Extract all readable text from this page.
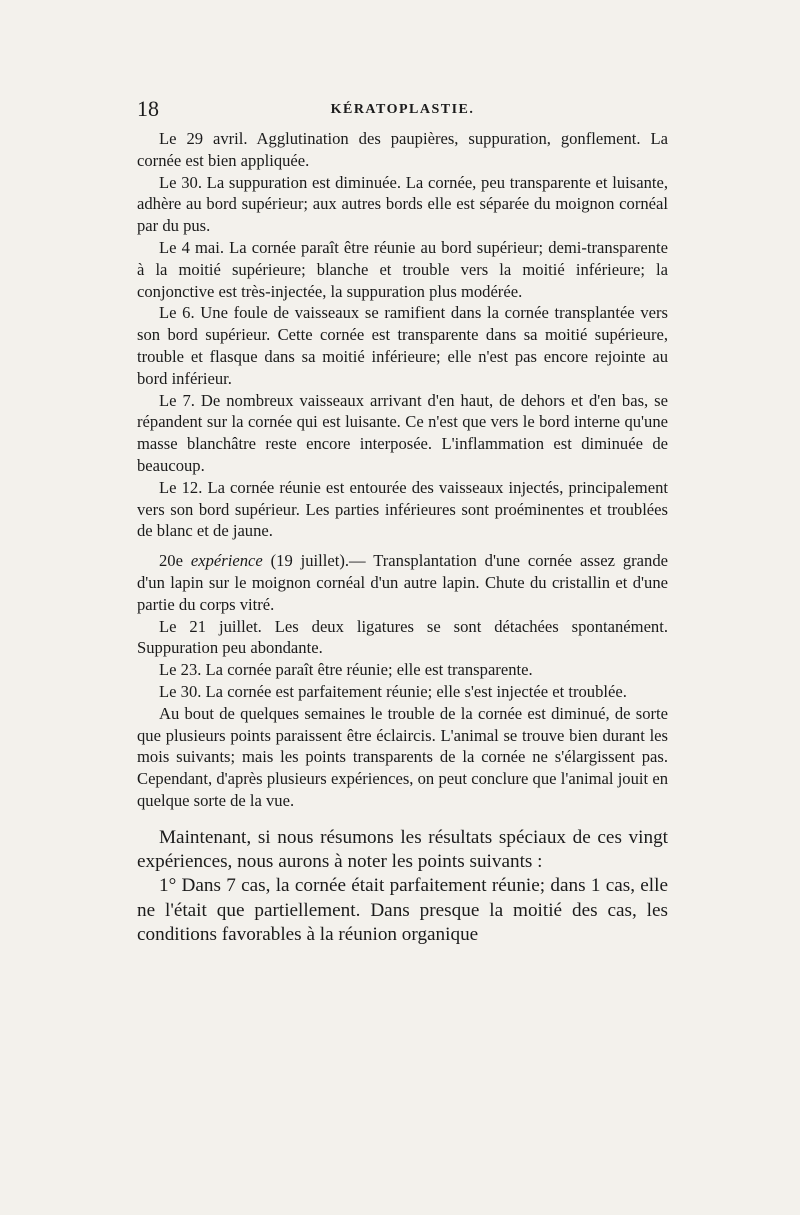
18	KÉRATOPLASTIE.

Le 29 avril. Agglutination des paupières, suppuration, gonflement. La cornée est bien appliquée.

Le 30. La suppuration est diminuée. La cornée, peu transparente et luisante, adhère au bord supérieur; aux autres bords elle est séparée du moignon cornéal par du pus.

Le 4 mai. La cornée paraît être réunie au bord supérieur; demi-transparente à la moitié supérieure; blanche et trouble vers la moitié inférieure; la conjonctive est très-injectée, la suppuration plus modérée.

Le 6. Une foule de vaisseaux se ramifient dans la cornée transplantée vers son bord supérieur. Cette cornée est transparente dans sa moitié supérieure, trouble et flasque dans sa moitié inférieure; elle n'est pas encore rejointe au bord inférieur.

Le 7. De nombreux vaisseaux arrivant d'en haut, de dehors et d'en bas, se répandent sur la cornée qui est luisante. Ce n'est que vers le bord interne qu'une masse blanchâtre reste encore interposée. L'inflammation est diminuée de beaucoup.

Le 12. La cornée réunie est entourée des vaisseaux injectés, principalement vers son bord supérieur. Les parties inférieures sont proéminentes et troublées de blanc et de jaune.

20e expérience (19 juillet).— Transplantation d'une cornée assez grande d'un lapin sur le moignon cornéal d'un autre lapin. Chute du cristallin et d'une partie du corps vitré.

Le 21 juillet. Les deux ligatures se sont détachées spontanément. Suppuration peu abondante.

Le 23. La cornée paraît être réunie; elle est transparente.

Le 30. La cornée est parfaitement réunie; elle s'est injectée et troublée.

Au bout de quelques semaines le trouble de la cornée est diminué, de sorte que plusieurs points paraissent être éclaircis. L'animal se trouve bien durant les mois suivants; mais les points transparents de la cornée ne s'élargissent pas. Cependant, d'après plusieurs expériences, on peut conclure que l'animal jouit en quelque sorte de la vue.

Maintenant, si nous résumons les résultats spéciaux de ces vingt expériences, nous aurons à noter les points suivants :

1° Dans 7 cas, la cornée était parfaitement réunie; dans 1 cas, elle ne l'était que partiellement. Dans presque la moitié des cas, les conditions favorables à la réunion organique
